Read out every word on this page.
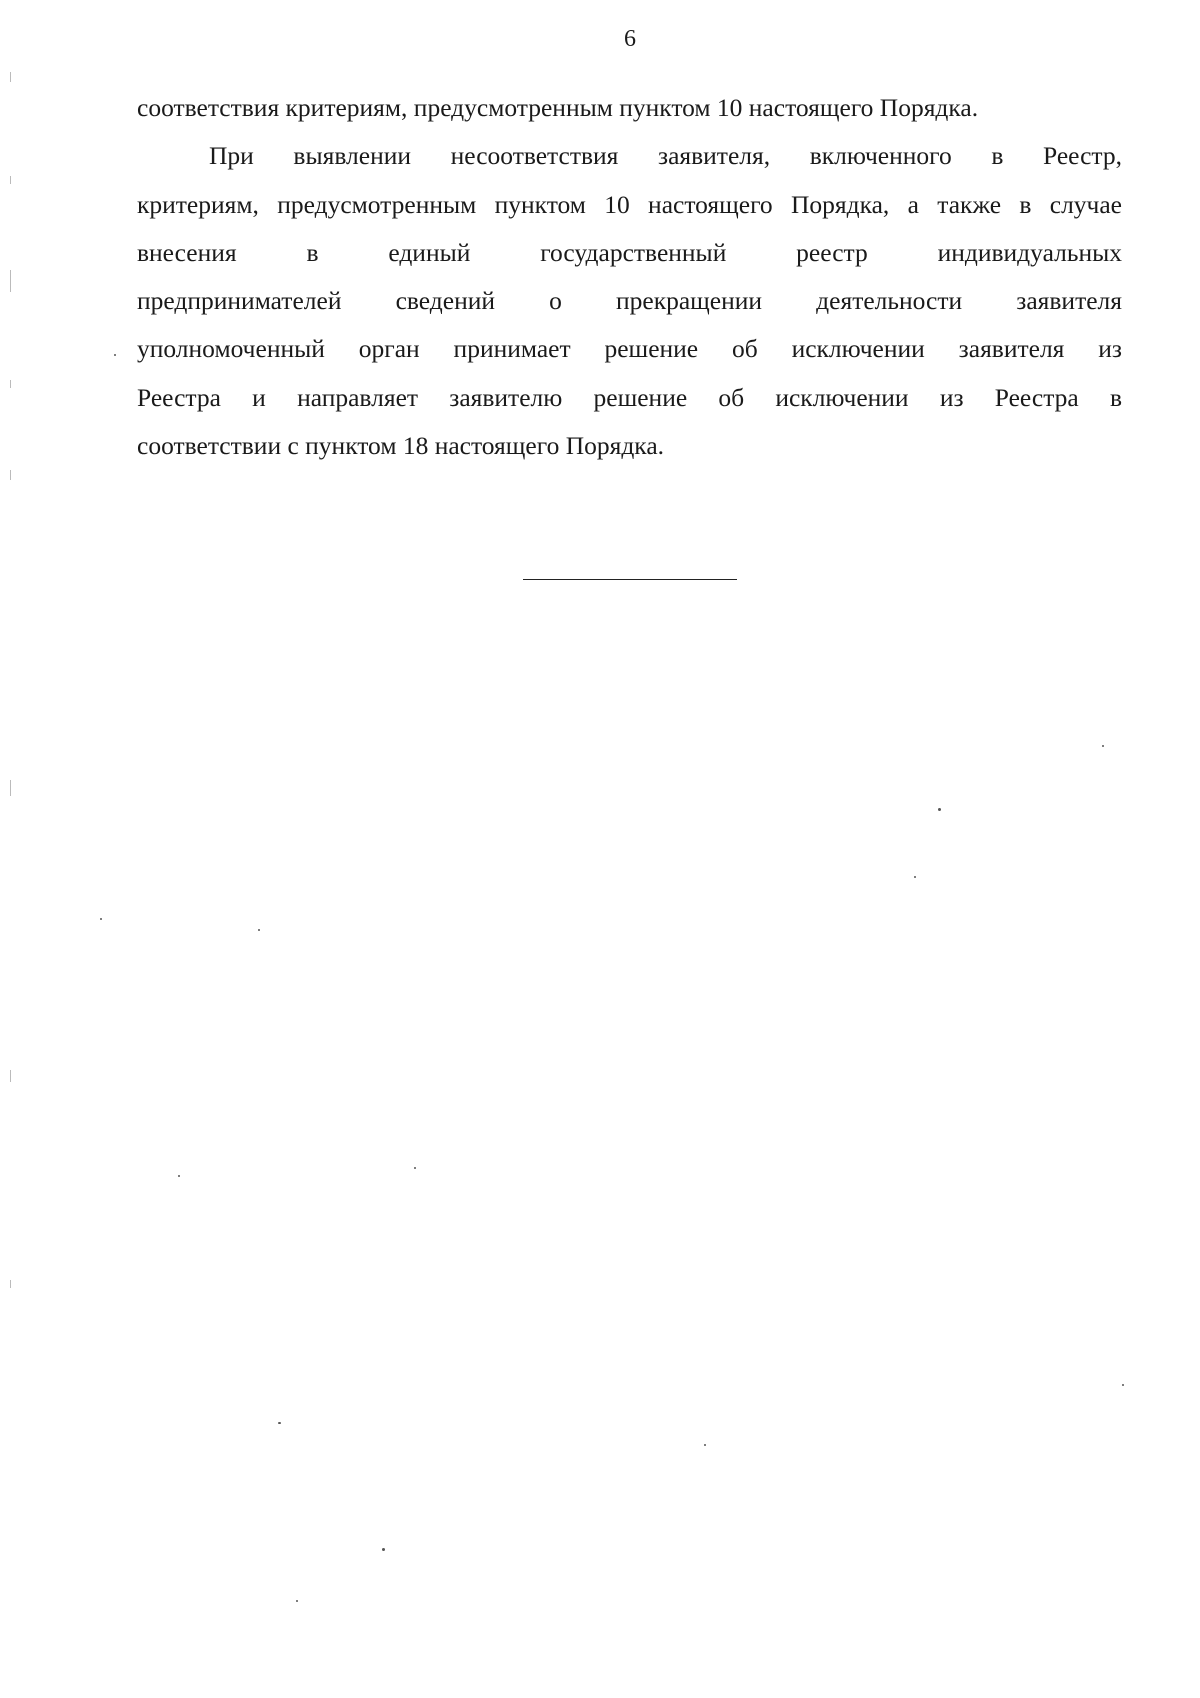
6
соответствия критериям, предусмотренным пунктом 10 настоящего Порядка.
При выявлении несоответствия заявителя, включенного в Реестр,
критериям, предусмотренным пунктом 10 настоящего Порядка, а также в случае
внесения в единый государственный реестр индивидуальных
предпринимателей сведений о прекращении деятельности заявителя
уполномоченный орган принимает решение об исключении заявителя из
Реестра и направляет заявителю решение об исключении из Реестра в
соответствии с пунктом 18 настоящего Порядка.
